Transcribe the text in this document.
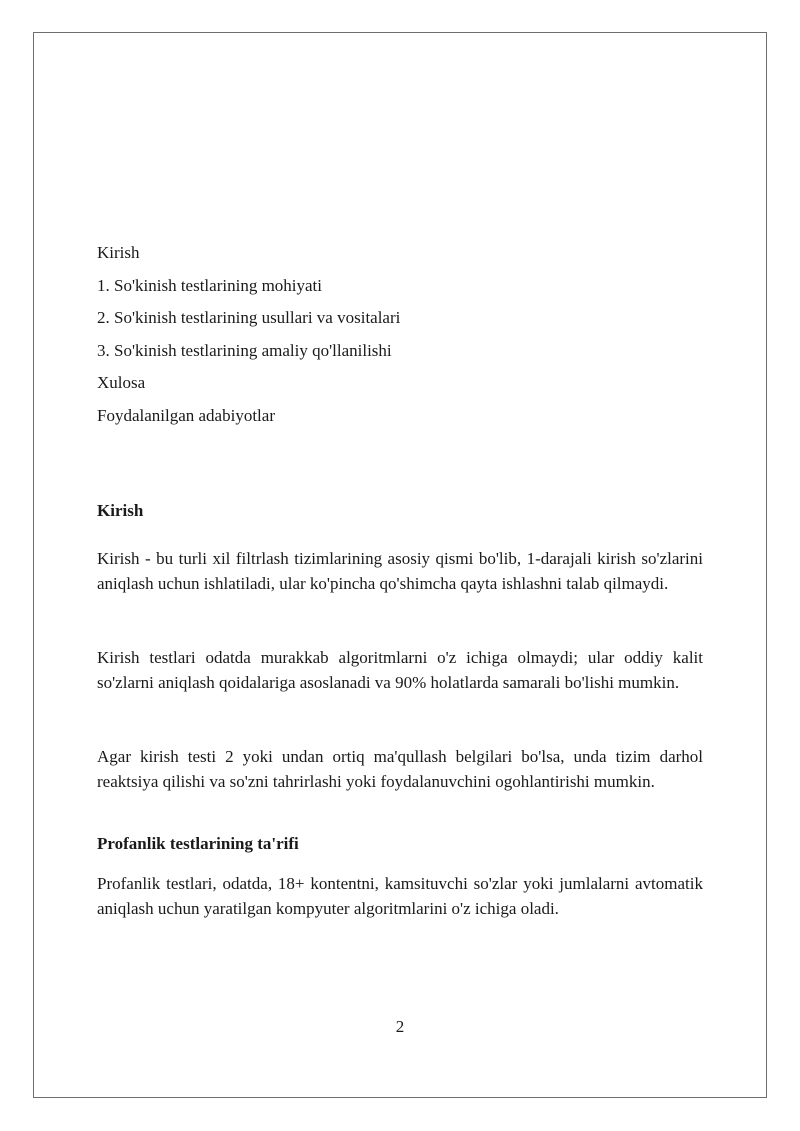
Kirish
1. So'kinish testlarining mohiyati
2. So'kinish testlarining usullari va vositalari
3. So'kinish testlarining amaliy qo'llanilishi
Xulosa
Foydalanilgan adabiyotlar

Kirish

Kirish - bu turli xil filtrlash tizimlarining asosiy qismi bo'lib, 1-darajali kirish so'zlarini aniqlash uchun ishlatiladi, ular ko'pincha qo'shimcha qayta ishlashni talab qilmaydi.

Kirish testlari odatda murakkab algoritmlarni o'z ichiga olmaydi; ular oddiy kalit so'zlarni aniqlash qoidalariga asoslanadi va 90% holatlarda samarali bo'lishi mumkin.

Agar kirish testi 2 yoki undan ortiq ma'qullash belgilari bo'lsa, unda tizim darhol reaktsiya qilishi va so'zni tahrirlashi yoki foydalanuvchini ogohlantirishi mumkin.

Profanlik testlarining ta'rifi

Profanlik testlari, odatda, 18+ kontentni, kamsituvchi so'zlar yoki jumlalarni avtomatik aniqlash uchun yaratilgan kompyuter algoritmlarini o'z ichiga oladi.

2
